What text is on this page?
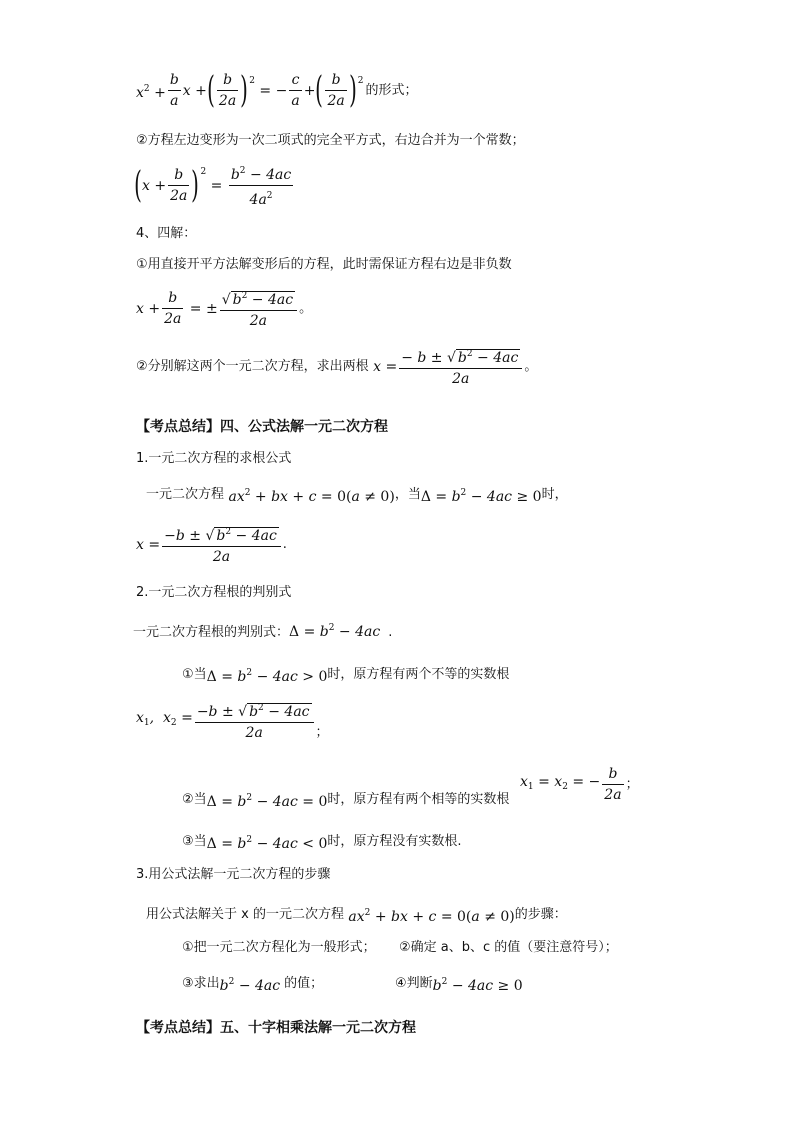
$x^2 + \frac{b}{a}$ x + ( $\frac{b}{2a}$ ) 2
= − $\frac{c}{a}$ + ( $\frac{b}{2a}$ ) 2
的形式；
②方程左边变形为一次二项式的完全平方式，右边合并为一个常数；
( $x + \frac{b}{2a}$ ) 2
= $\frac{b^2 - 4ac}{4a^2}$
4、四解：
①用直接开平方法解变形后的方程，此时需保证方程右边是非负数
$x + \frac{b}{2a}$ = ± $\frac{√ b^2 - 4ac}{2a}$ 。
②分别解这两个一元二次方程，求出两根 $x = \frac{- b \pm √ b^2 - 4ac}{2a}$ 。
【考点总结】四、公式法解一元二次方程
1.一元二次方程的求根公式
一元二次方程 $ax^2$ + bx + c = 0(a ≠ 0) ，当 $\Delta = b^2 - 4ac \ge 0$ 时，
$x = \frac{-b \pm √ b^2 - 4ac}{2a}$ .
2.一元二次方程根的判别式
一元二次方程根的判别式： $\Delta = b^2 - 4ac$ .
①当 $\Delta = b^2 - 4ac > 0$ 时，原方程有两个不等的实数根
$x_1$,  $x_2 = \frac{-b \pm √ b^2 - 4ac}{2a}$ ；
②当 $\Delta = b^2 - 4ac = 0$ 时，原方程有两个相等的实数根
$x_1 = x_2$ = − $\frac{b}{2a}$ ；
③当 $\Delta = b^2 - 4ac < 0$ 时，原方程没有实数根.
3.用公式法解一元二次方程的步骤
用公式法解关于 x 的一元二次方程 $ax^2$ + bx + c = 0(a ≠ 0) 的步骤：
①把一元二次方程化为一般形式； ②确定 a、b、c 的值（要注意符号）；
③求出 $b^2 - 4ac$ 的值；	④判断 $b^2 - 4ac \ge 0$
【考点总结】五、十字相乘法解一元二次方程
